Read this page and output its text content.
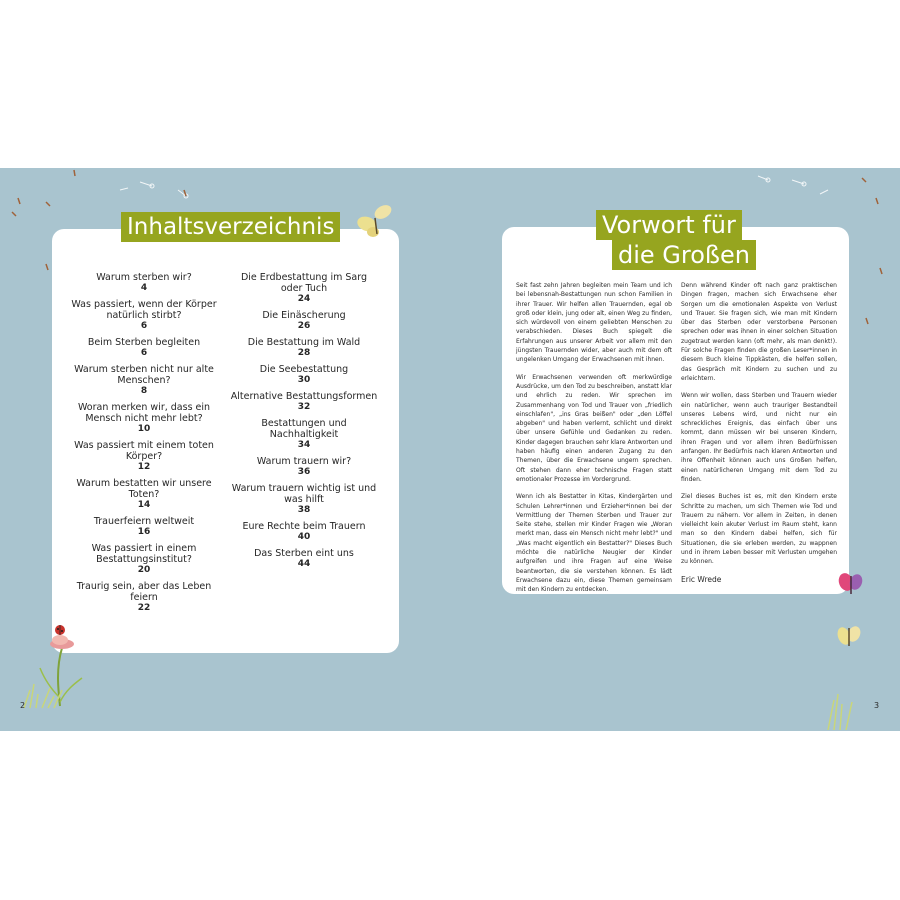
Inhaltsverzeichnis
Warum sterben wir?
4
Was passiert, wenn der Körper natürlich stirbt?
6
Beim Sterben begleiten
6
Warum sterben nicht nur alte Menschen?
8
Woran merken wir, dass ein Mensch nicht mehr lebt?
10
Was passiert mit einem toten Körper?
12
Warum bestatten wir unsere Toten?
14
Trauerfeiern weltweit
16
Was passiert in einem Bestattungsinstitut?
20
Traurig sein, aber das Leben feiern
22
Die Erdbestattung im Sarg oder Tuch
24
Die Einäscherung
26
Die Bestattung im Wald
28
Die Seebestattung
30
Alternative Bestattungsformen
32
Bestattungen und Nachhaltigkeit
34
Warum trauern wir?
36
Warum trauern wichtig ist und was hilft
38
Eure Rechte beim Trauern
40
Das Sterben eint uns
44
2
Vorwort für
die Großen

Seit fast zehn Jahren begleiten mein Team und ich bei lebensnah-Bestattungen nun schon Familien in ihrer Trauer. Wir helfen allen Trauernden, egal ob groß oder klein, jung oder alt, einen Weg zu finden, sich würdevoll von einem geliebten Menschen zu verabschieden. Dieses Buch spiegelt die Erfahrungen aus unserer Arbeit vor allem mit den jüngsten Trauernden wider, aber auch mit dem oft ungelenken Umgang der Erwachsenen mit ihnen.

Wir Erwachsenen verwenden oft merkwürdige Ausdrücke, um den Tod zu beschreiben, anstatt klar und ehrlich zu reden. Wir sprechen im Zusammenhang von Tod und Trauer von „friedlich einschlafen", „ins Gras beißen" oder „den Löffel abgeben" und haben verlernt, schlicht und direkt über unsere Gefühle und Gedanken zu reden. Kinder dagegen brauchen sehr klare Antworten und haben häufig einen anderen Zugang zu den Themen, über die Erwachsene ungern sprechen. Oft stehen dann eher technische Fragen statt emotionaler Prozesse im Vordergrund.

Wenn ich als Bestatter in Kitas, Kindergärten und Schulen Lehrer*innen und Erzieher*innen bei der Vermittlung der Themen Sterben und Trauer zur Seite stehe, stellen mir Kinder Fragen wie „Woran merkt man, dass ein Mensch nicht mehr lebt?" und „Was macht eigentlich ein Bestatter?" Dieses Buch möchte die natürliche Neugier der Kinder aufgreifen und ihre Fragen auf eine Weise beantworten, die sie verstehen können. Es lädt Erwachsene dazu ein, diese Themen gemeinsam mit den Kindern zu entdecken.

Denn während Kinder oft nach ganz praktischen Dingen fragen, machen sich Erwachsene eher Sorgen um die emotionalen Aspekte von Verlust und Trauer. Sie fragen sich, wie man mit Kindern über das Sterben oder verstorbene Personen sprechen oder was ihnen in einer solchen Situation zugetraut werden kann (oft mehr, als man denkt!). Für solche Fragen finden die großen Leser*innen in diesem Buch kleine Tippkästen, die helfen sollen, das Gespräch mit Kindern zu suchen und zu erleichtern.

Wenn wir wollen, dass Sterben und Trauern wieder ein natürlicher, wenn auch trauriger Bestandteil unseres Lebens wird, und nicht nur ein schreckliches Ereignis, das einfach über uns kommt, dann müssen wir bei unseren Kindern, ihren Fragen und vor allem ihren Bedürfnissen anfangen. Ihr Bedürfnis nach klaren Antworten und ihre Offenheit können auch uns Großen helfen, einen natürlicheren Umgang mit dem Tod zu finden.

Ziel dieses Buches ist es, mit den Kindern erste Schritte zu machen, um sich Themen wie Tod und Trauern zu nähern. Vor allem in Zeiten, in denen vielleicht kein akuter Verlust im Raum steht, kann man so den Kindern dabei helfen, sich für Situationen, die sie erleben werden, zu wappnen und in ihrem Leben besser mit Verlusten umgehen zu können.

Eric Wrede
3
